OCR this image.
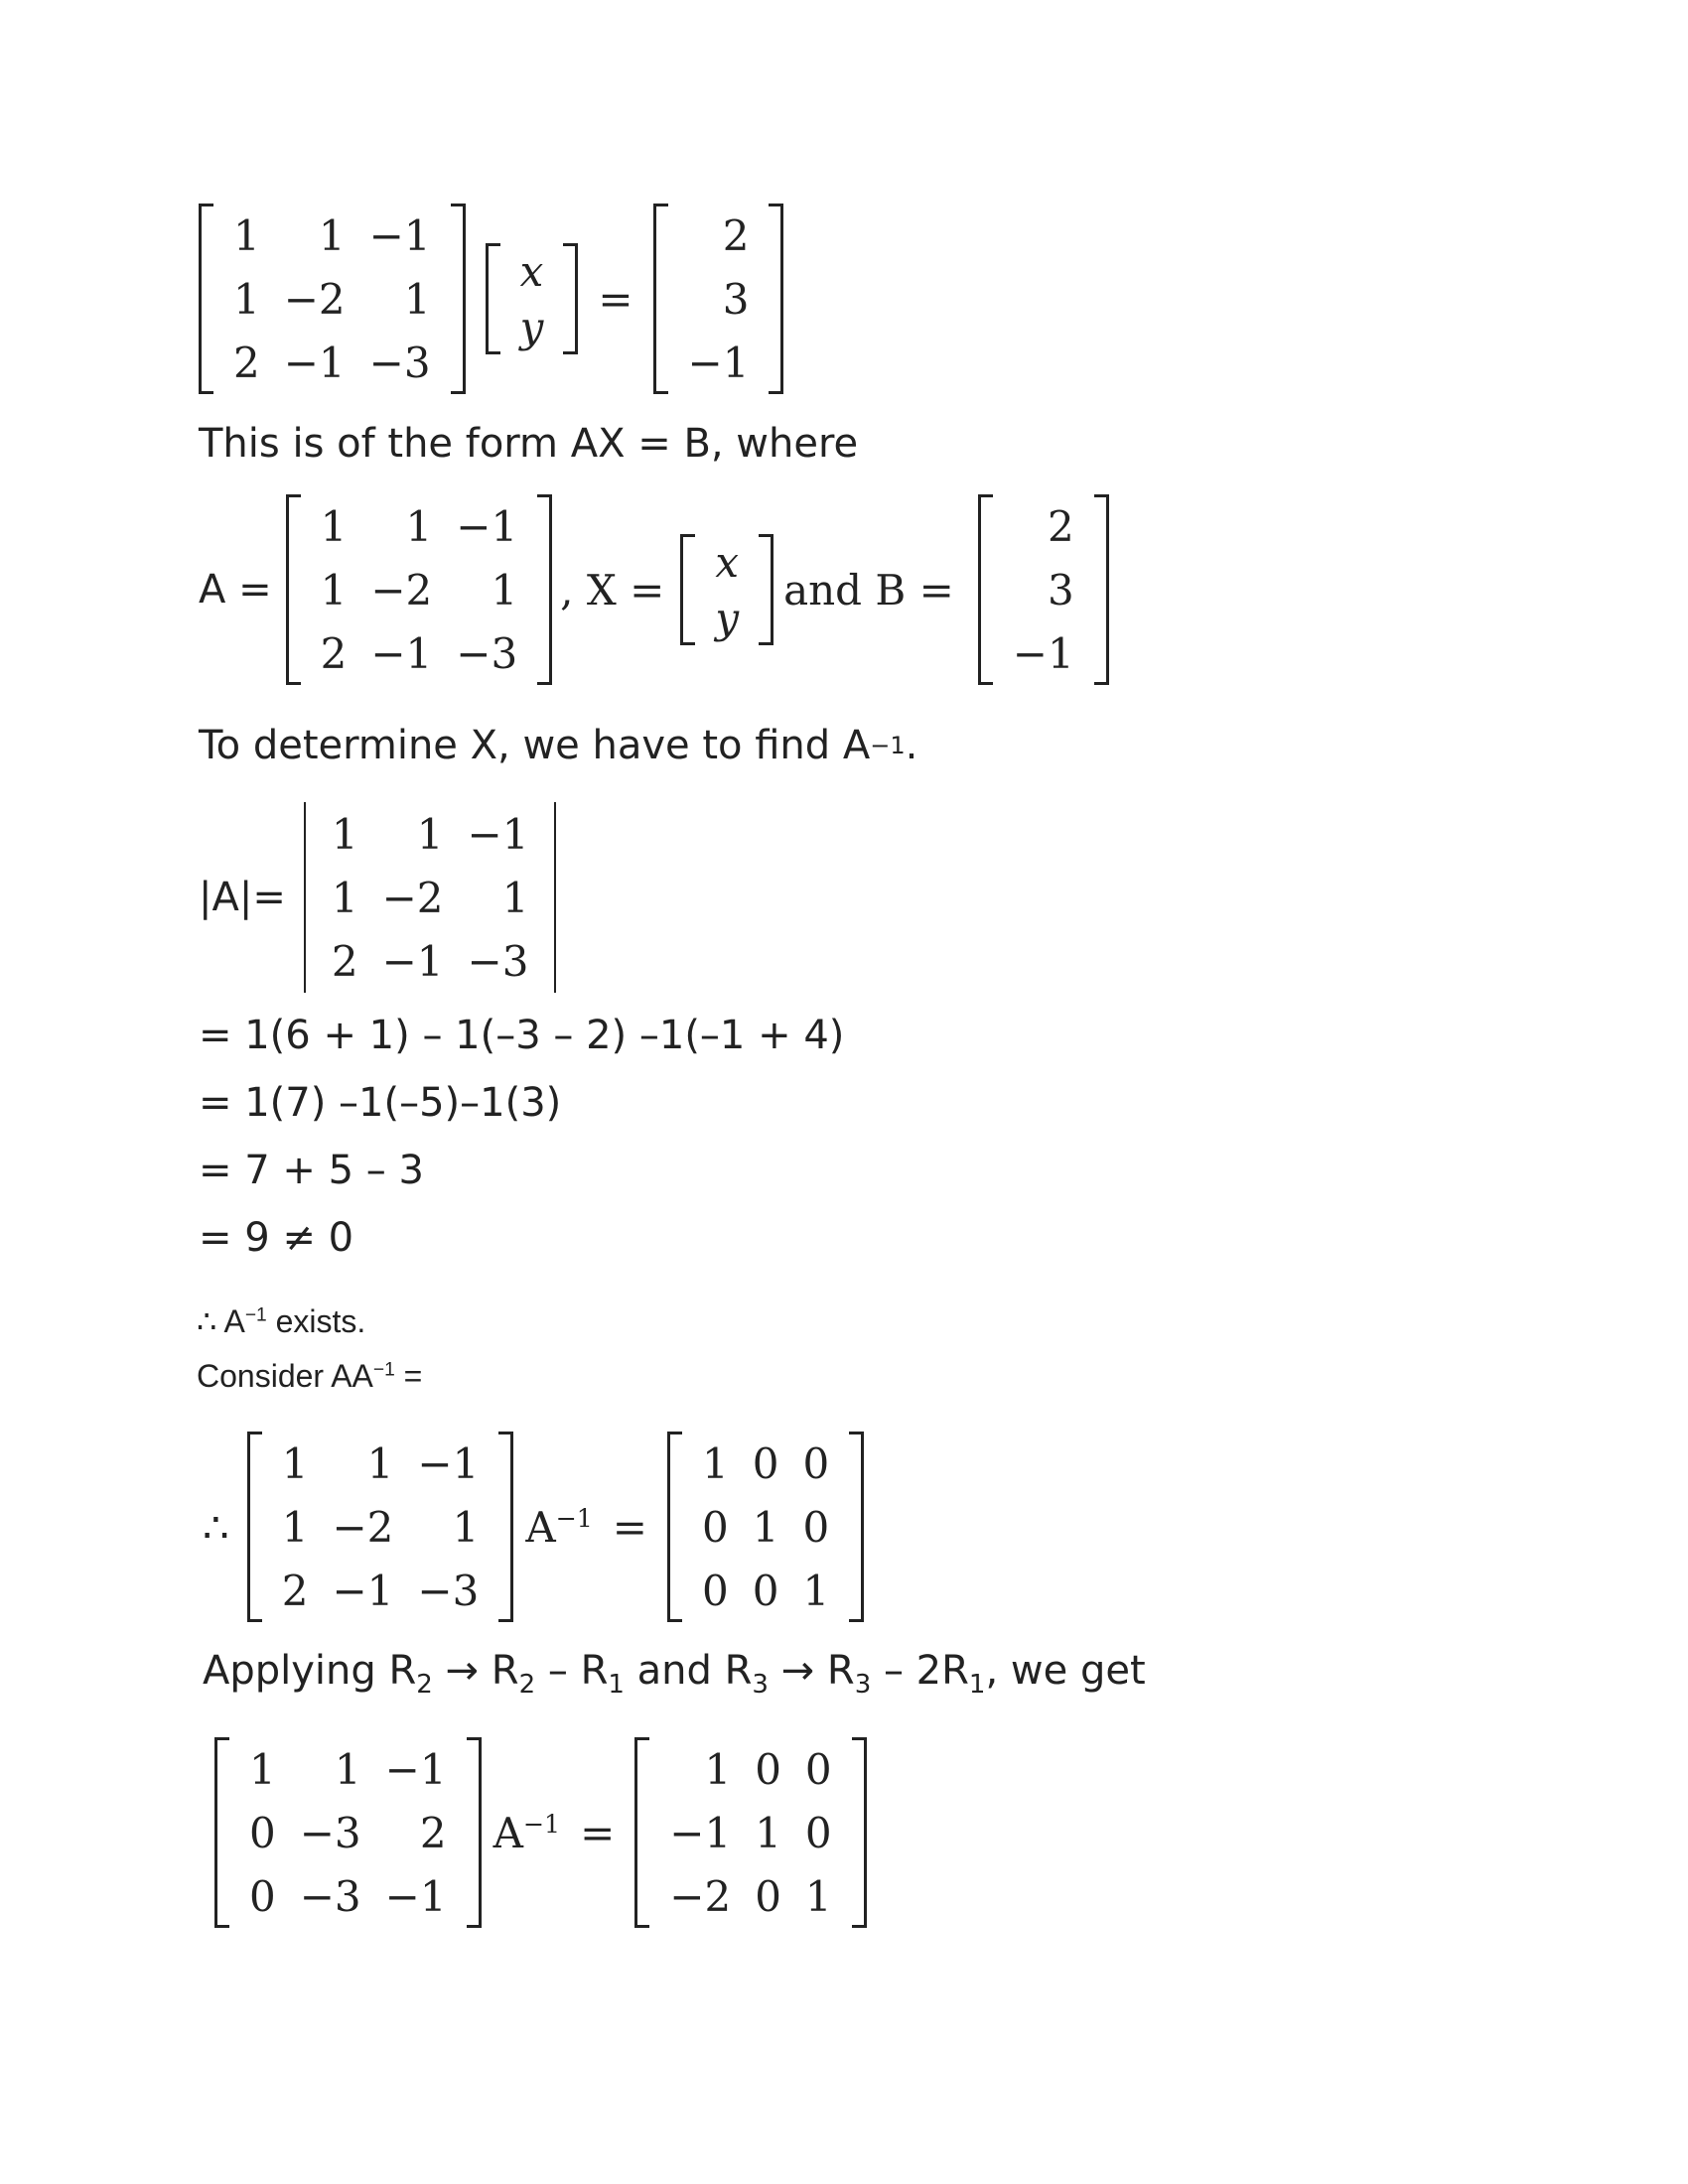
1	1 −1
1 −2	1
2 −1 −3
x
y
=
2
3
−1
This is of the form AX = B, where
A =
1	1 −1
1 −2	1
2 −1 −3
, X =
x
y
and B =
2
3
−1
To determine X, we have to find A −1 .
|A|=
1	1 −1
1 −2	1
2 −1 −3
= 1(6 + 1) – 1(–3 – 2) –1(–1 + 4)
= 1(7) –1(–5)–1(3)
= 7 + 5 – 3
= 9 ≠ 0
∴ $A^{-1}$ exists.
Consider $AA^{-1}$ =
∴
1	1 −1
1 −2	1
2 −1 −3
$A^{-1}$ =
1 0 0
0 1 0
0 0 1
Applying $R_2 \to R_2 - R_1$ and $R_3 \to R_3 - 2R_1$, we get
1	1 −1
0 −3	2
0 −3 −1
$A^{-1}$ =
1 0 0
−1 1 0
−2 0 1
